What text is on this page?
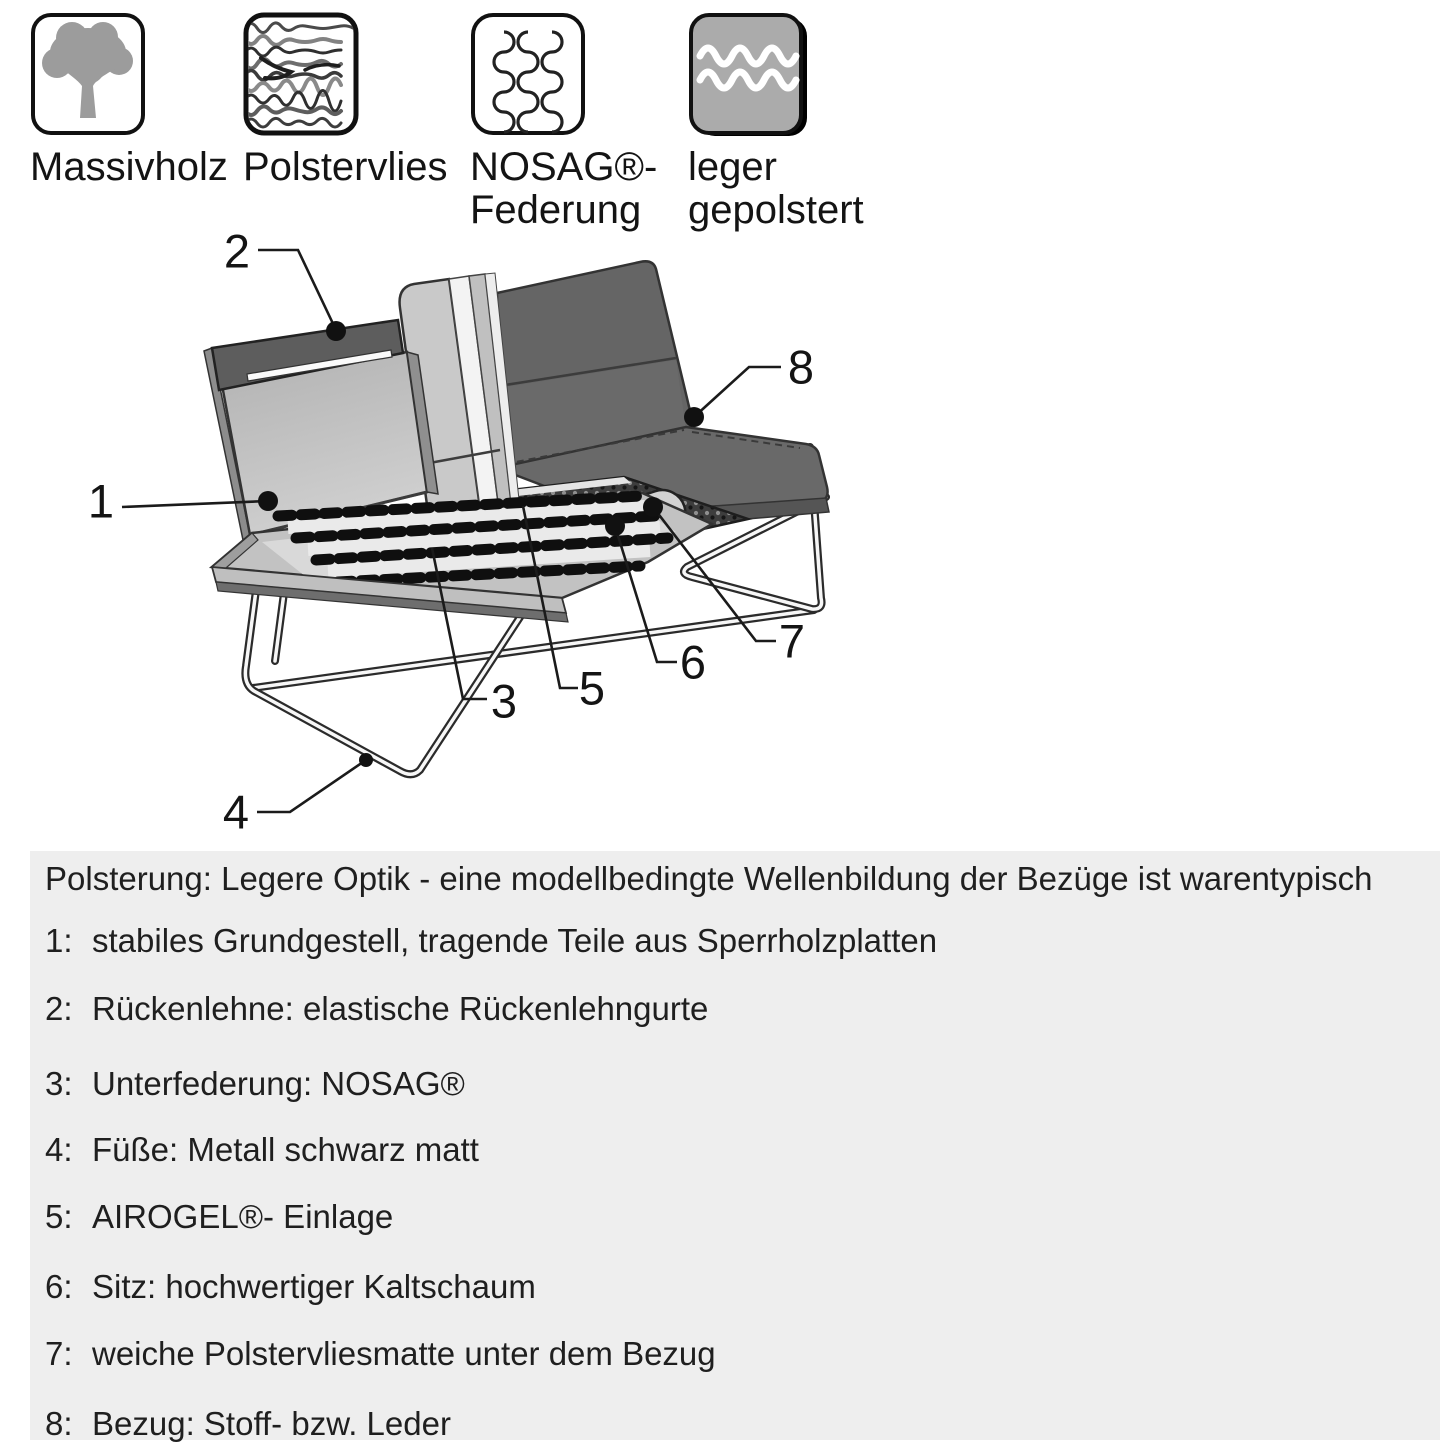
Massivholz Polstervlies NOSAG®-
Federung
leger
gepolstert
1
2
3
4
5 6 7
8
Polsterung: Legere Optik - eine modellbedingte Wellenbildung der Bezüge ist warentypisch
1: stabiles Grundgestell, tragende Teile aus Sperrholzplatten
2: Rückenlehne: elastische Rückenlehngurte
3: Unterfederung: NOSAG®
4: Füße: Metall schwarz matt
5: AIROGEL®- Einlage
6: Sitz: hochwertiger Kaltschaum
7: weiche Polstervliesmatte unter dem Bezug
8: Bezug: Stoff- bzw. Leder
